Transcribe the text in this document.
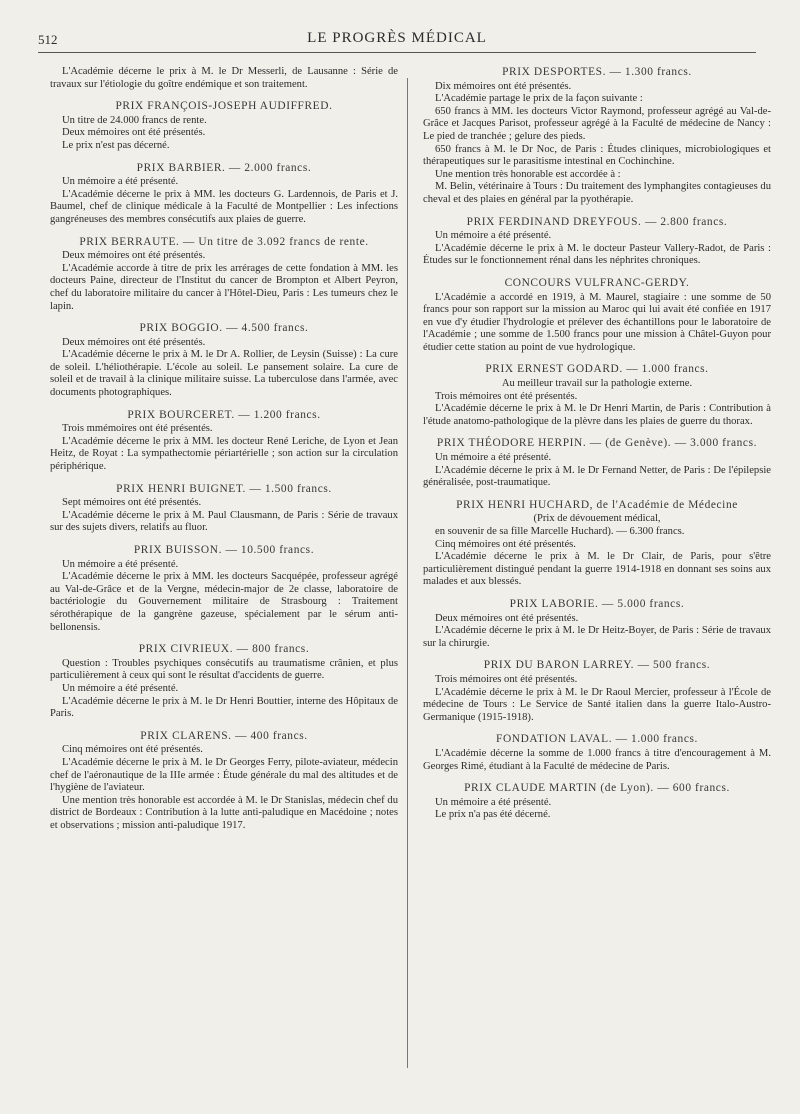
512	LE PROGRÈS MÉDICAL

L'Académie décerne le prix à M. le Dr Messerli, de Lausanne : Série de travaux sur l'étiologie du goître endémique et son traitement.

PRIX FRANÇOIS-JOSEPH AUDIFFRED.

Un titre de 24.000 francs de rente.

Deux mémoires ont été présentés.

Le prix n'est pas décerné.

PRIX BARBIER. — 2.000 francs.

Un mémoire a été présenté.

L'Académie décerne le prix à MM. les docteurs G. Lardennois, de Paris et J. Baumel, chef de clinique médicale à la Faculté de Montpellier : Les infections gangréneuses des membres consécutifs aux plaies de guerre.

PRIX BERRAUTE. — Un titre de 3.092 francs de rente.

Deux mémoires ont été présentés.

L'Académie accorde à titre de prix les arrérages de cette fondation à MM. les docteurs Paine, directeur de l'Institut du cancer de Brompton et Albert Peyron, chef du laboratoire militaire du cancer à l'Hôtel-Dieu, Paris : Les tumeurs chez le lapin.

PRIX BOGGIO. — 4.500 francs.

Deux mémoires ont été présentés.

L'Académie décerne le prix à M. le Dr A. Rollier, de Leysin (Suisse) : La cure de soleil. L'héliothérapie. L'école au soleil. Le pansement solaire. La cure de soleil et de travail à la clinique militaire suisse. La tuberculose dans l'armée, avec documents photographiques.

PRIX BOURCERET. — 1.200 francs.

Trois mmémoires ont été présentés.

L'Académie décerne le prix à MM. les docteur René Leriche, de Lyon et Jean Heitz, de Royat : La sympathectomie périartérielle ; son action sur la circulation périphérique.

PRIX HENRI BUIGNET. — 1.500 francs.

Sept mémoires ont été présentés.

L'Académie décerne le prix à M. Paul Clausmann, de Paris : Série de travaux sur des sujets divers, relatifs au fluor.

PRIX BUISSON. — 10.500 francs.

Un mémoire a été présenté.

L'Académie décerne le prix à MM. les docteurs Sacquépée, professeur agrégé au Val-de-Grâce et de la Vergne, médecin-major de 2e classe, laboratoire de bactériologie du Gouvernement militaire de Strasbourg : Traitement sérothérapique de la gangrène gazeuse, spécialement par le sérum anti-bellonensis.

PRIX CIVRIEUX. — 800 francs.

Question : Troubles psychiques consécutifs au traumatisme crânien, et plus particulièrement à ceux qui sont le résultat d'accidents de guerre.

Un mémoire a été présenté.

L'Académie décerne le prix à M. le Dr Henri Bouttier, interne des Hôpitaux de Paris.

PRIX CLARENS. — 400 francs.

Cinq mémoires ont été présentés.

L'Académie décerne le prix à M. le Dr Georges Ferry, pilote-aviateur, médecin chef de l'aéronautique de la IIIe armée : Étude générale du mal des altitudes et de l'hygiène de l'aviateur.

Une mention très honorable est accordée à M. le Dr Stanislas, médecin chef du district de Bordeaux : Contribution à la lutte anti-paludique en Macédoine ; notes et observations ; mission anti-paludique 1917.

PRIX DESPORTES. — 1.300 francs.

Dix mémoires ont été présentés.

L'Académie partage le prix de la façon suivante :

650 francs à MM. les docteurs Victor Raymond, professeur agrégé au Val-de-Grâce et Jacques Parisot, professeur agrégé à la Faculté de médecine de Nancy : Le pied de tranchée ; gelure des pieds.

650 francs à M. le Dr Noc, de Paris : Études cliniques, microbiologiques et thérapeutiques sur le parasitisme intestinal en Cochinchine.

Une mention très honorable est accordée à :

M. Belin, vétérinaire à Tours : Du traitement des lymphangites contagieuses du cheval et des plaies en général par la pyothérapie.

PRIX FERDINAND DREYFOUS. — 2.800 francs.

Un mémoire a été présenté.

L'Académie décerne le prix à M. le docteur Pasteur Vallery-Radot, de Paris : Études sur le fonctionnement rénal dans les néphrites chroniques.

CONCOURS VULFRANC-GERDY.

L'Académie a accordé en 1919, à M. Maurel, stagiaire : une somme de 50 francs pour son rapport sur la mission au Maroc qui lui avait été confiée en 1917 en vue d'y étudier l'hydrologie et prélever des échantillons pour le laboratoire de l'Académie ; une somme de 1.500 francs pour une mission à Châtel-Guyon pour étudier cette station au point de vue hydrologique.

PRIX ERNEST GODARD. — 1.000 francs.

Au meilleur travail sur la pathologie externe.

Trois mémoires ont été présentés.

L'Académie décerne le prix à M. le Dr Henri Martin, de Paris : Contribution à l'étude anatomo-pathologique de la plèvre dans les plaies de guerre du thorax.

PRIX THÉODORE HERPIN. — (de Genève). — 3.000 francs.

Un mémoire a été présenté.

L'Académie décerne le prix à M. le Dr Fernand Netter, de Paris : De l'épilepsie généralisée, post-traumatique.

PRIX HENRI HUCHARD, de l'Académie de Médecine

(Prix de dévouement médical,

en souvenir de sa fille Marcelle Huchard). — 6.300 francs.

Cinq mémoires ont été présentés.

L'Académie décerne le prix à M. le Dr Clair, de Paris, pour s'être particulièrement distingué pendant la guerre 1914-1918 en donnant ses soins aux malades et aux blessés.

PRIX LABORIE. — 5.000 francs.

Deux mémoires ont été présentés.

L'Académie décerne le prix à M. le Dr Heitz-Boyer, de Paris : Série de travaux sur la chirurgie.

PRIX DU BARON LARREY. — 500 francs.

Trois mémoires ont été présentés.

L'Académie décerne le prix à M. le Dr Raoul Mercier, professeur à l'École de médecine de Tours : Le Service de Santé italien dans la guerre Italo-Austro-Germanique (1915-1918).

FONDATION LAVAL. — 1.000 francs.

L'Académie décerne la somme de 1.000 francs à titre d'encouragement à M. Georges Rimé, étudiant à la Faculté de médecine de Paris.

PRIX CLAUDE MARTIN (de Lyon). — 600 francs.

Un mémoire a été présenté.

Le prix n'a pas été décerné.
